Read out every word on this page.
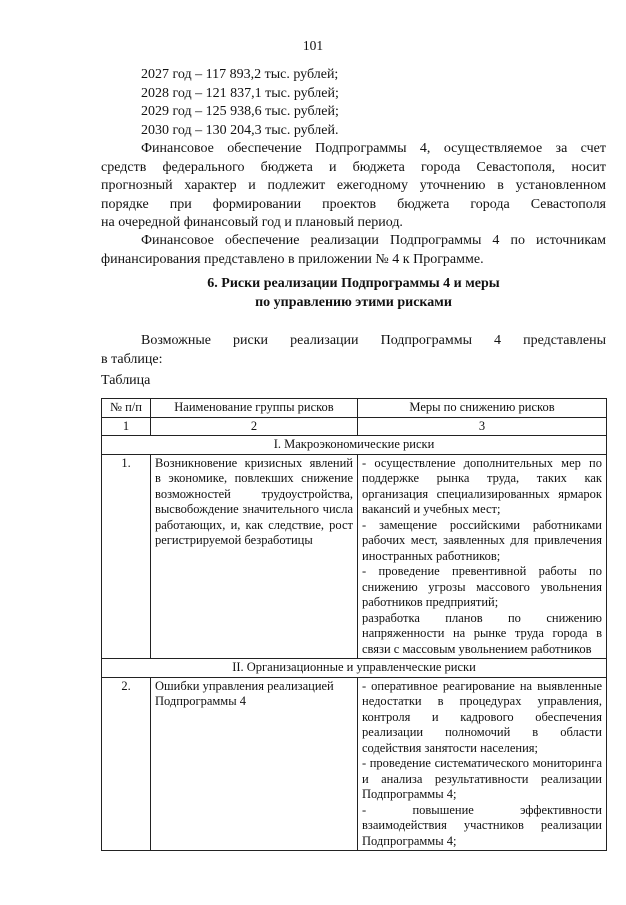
101

2027 год – 117 893,2 тыс. рублей;

2028 год – 121 837,1 тыс. рублей;

2029 год – 125 938,6 тыс. рублей;

2030 год – 130 204,3 тыс. рублей.

Финансовое обеспечение Подпрограммы 4, осуществляемое за счет

средств федерального бюджета и бюджета города Севастополя, носит

прогнозный характер и подлежит ежегодному уточнению в установленном

порядке при формировании проектов бюджета города Севастополя

на очередной финансовый год и плановый период.

Финансовое обеспечение реализации Подпрограммы 4 по источникам

финансирования представлено в приложении № 4 к Программе.

6. Риски реализации Подпрограммы 4 и меры
по управлению этими рисками
Возможные риски реализации Подпрограммы 4 представлены
в таблице:
Таблица
№ п/п	Наименование группы рисков	Меры по снижению рисков
1	2	3
I. Макроэкономические риски		
1.	Возникновение кризисных явлений в экономике, повлекших снижение возможностей трудоустройства, высвобождение значительного числа работающих, и, как следствие, рост регистрируемой безработицы	- осуществление дополнительных мер по поддержке рынка труда, таких как организация специализированных ярмарок вакансий и учебных мест;
- замещение российскими работниками рабочих мест, заявленных для привлечения иностранных работников;
- проведение превентивной работы по снижению угрозы массового увольнения работников предприятий;
разработка планов по снижению напряженности на рынке труда города в связи с массовым увольнением работников

II. Организационные и управленческие риски		
2.	Ошибки управления реализацией Подпрограммы 4	- оперативное реагирование на выявленные недостатки в процедурах управления, контроля и кадрового обеспечения реализации полномочий в области содействия занятости населения;
- проведение систематического мониторинга и анализа результативности реализации Подпрограммы 4;
- повышение эффективности взаимодействия участников реализации Подпрограммы 4;
